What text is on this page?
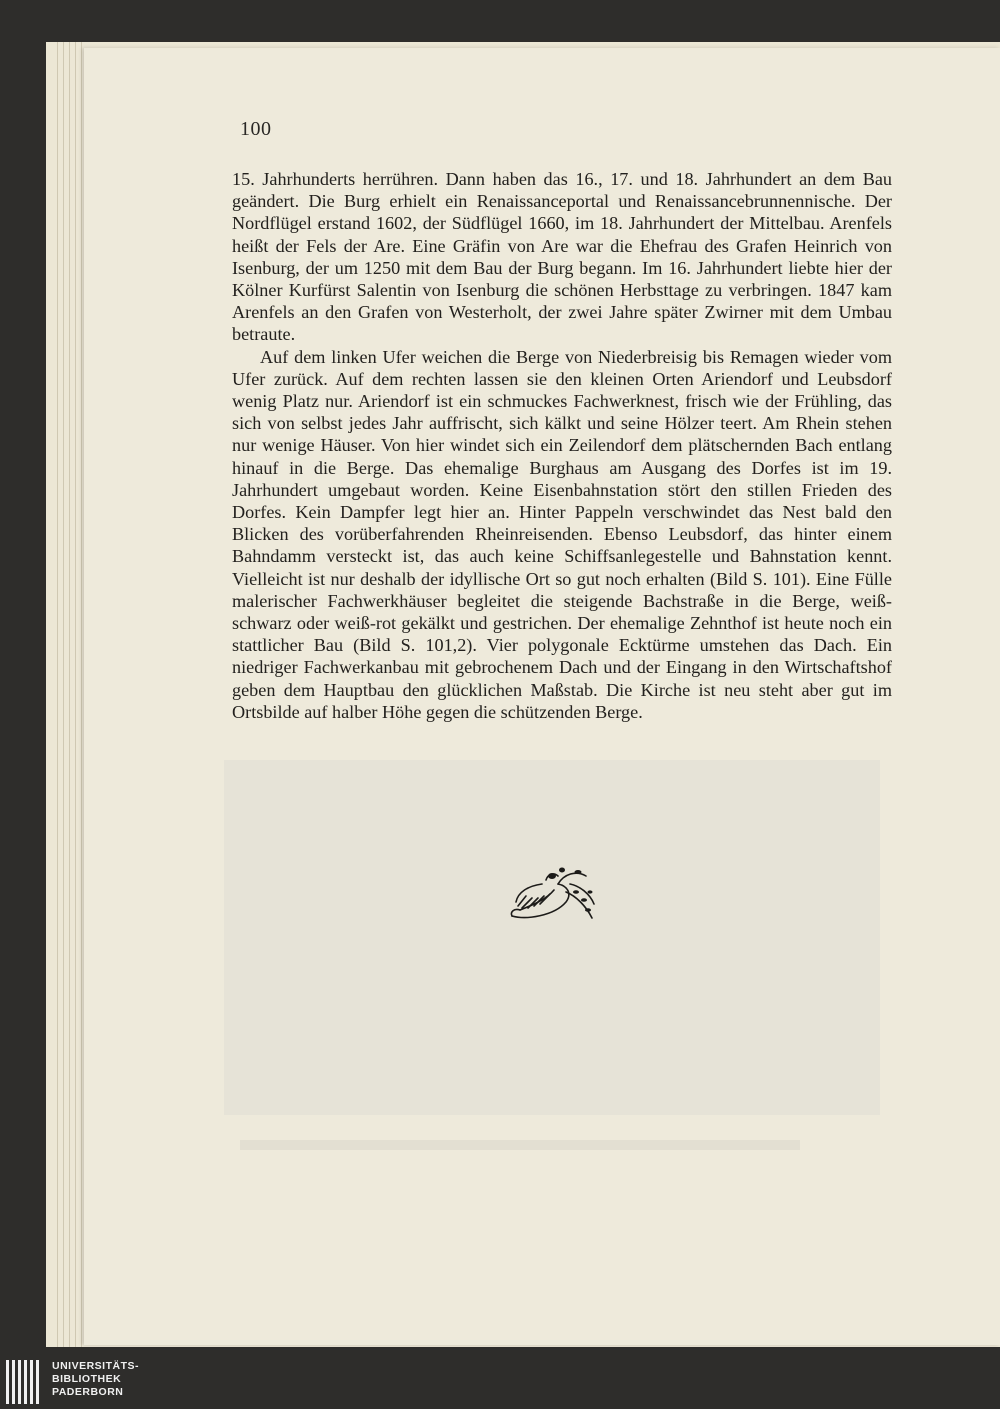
100

15. Jahrhunderts herrühren. Dann haben das 16., 17. und 18. Jahrhundert an dem Bau geändert. Die Burg erhielt ein Renaissanceportal und Renaissancebrunnennische. Der Nordflügel erstand 1602, der Südflügel 1660, im 18. Jahrhundert der Mittelbau. Arenfels heißt der Fels der Are. Eine Gräfin von Are war die Ehefrau des Grafen Heinrich von Isenburg, der um 1250 mit dem Bau der Burg begann. Im 16. Jahrhundert liebte hier der Kölner Kurfürst Salentin von Isenburg die schönen Herbsttage zu verbringen. 1847 kam Arenfels an den Grafen von Westerholt, der zwei Jahre später Zwirner mit dem Umbau betraute.

Auf dem linken Ufer weichen die Berge von Niederbreisig bis Remagen wieder vom Ufer zurück. Auf dem rechten lassen sie den kleinen Orten Ariendorf und Leubsdorf wenig Platz nur. Ariendorf ist ein schmuckes Fachwerknest, frisch wie der Frühling, das sich von selbst jedes Jahr auffrischt, sich kälkt und seine Hölzer teert. Am Rhein stehen nur wenige Häuser. Von hier windet sich ein Zeilendorf dem plätschernden Bach entlang hinauf in die Berge. Das ehemalige Burghaus am Ausgang des Dorfes ist im 19. Jahrhundert umgebaut worden. Keine Eisenbahnstation stört den stillen Frieden des Dorfes. Kein Dampfer legt hier an. Hinter Pappeln verschwindet das Nest bald den Blicken des vorüberfahrenden Rheinreisenden. Ebenso Leubsdorf, das hinter einem Bahndamm versteckt ist, das auch keine Schiffsanlegestelle und Bahnstation kennt. Vielleicht ist nur deshalb der idyllische Ort so gut noch erhalten (Bild S. 101). Eine Fülle malerischer Fachwerkhäuser begleitet die steigende Bachstraße in die Berge, weiß-schwarz oder weiß-rot gekälkt und gestrichen. Der ehemalige Zehnthof ist heute noch ein stattlicher Bau (Bild S. 101,2). Vier polygonale Ecktürme umstehen das Dach. Ein niedriger Fachwerkanbau mit gebrochenem Dach und der Eingang in den Wirtschaftshof geben dem Hauptbau den glücklichen Maßstab. Die Kirche ist neu steht aber gut im Ortsbilde auf halber Höhe gegen die schützenden Berge.

UNIVERSITÄTS-
BIBLIOTHEK
PADERBORN
